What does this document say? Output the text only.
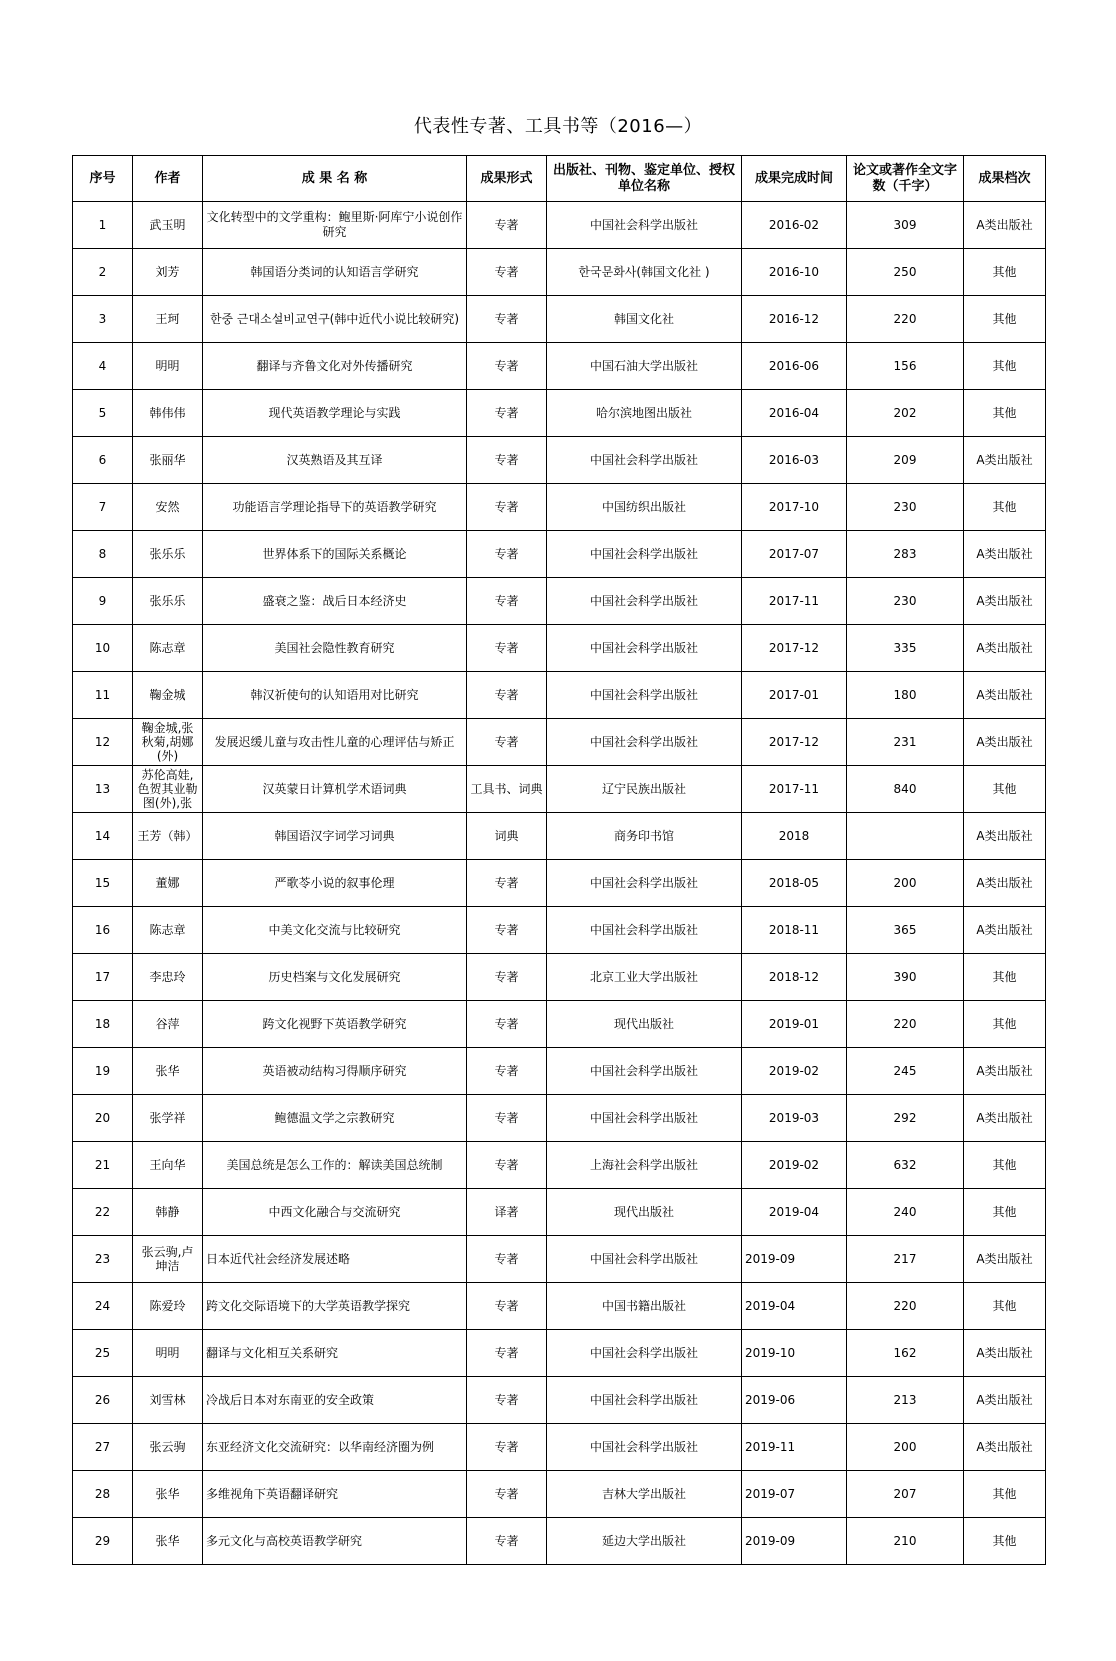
代表性专著、工具书等（2016—）
序号	作者	成 果 名 称	成果形式	出版社、刊物、鉴定单位、授权单位名称	成果完成时间	论文或著作全文字数（千字）	成果档次

1	武玉明	文化转型中的文学重构：鲍里斯·阿库宁小说创作研究	专著	中国社会科学出版社	2016-02	309	A类出版社

2	刘芳	韩国语分类词的认知语言学研究	专著	한국문화사(韩国文化社 )	2016-10	250	其他

3	王珂	한중 근대소설비교연구(韩中近代小说比较研究)	专著	韩国文化社	2016-12	220	其他

4	明明	翻译与齐鲁文化对外传播研究	专著	中国石油大学出版社	2016-06	156	其他

5	韩伟伟	现代英语教学理论与实践	专著	哈尔滨地图出版社	2016-04	202	其他

6	张丽华	汉英熟语及其互译	专著	中国社会科学出版社	2016-03	209	A类出版社

7	安然	功能语言学理论指导下的英语教学研究	专著	中国纺织出版社	2017-10	230	其他

8	张乐乐	世界体系下的国际关系概论	专著	中国社会科学出版社	2017-07	283	A类出版社

9	张乐乐	盛衰之鉴：战后日本经济史	专著	中国社会科学出版社	2017-11	230	A类出版社

10	陈志章	美国社会隐性教育研究	专著	中国社会科学出版社	2017-12	335	A类出版社

11	鞠金城	韩汉祈使句的认知语用对比研究	专著	中国社会科学出版社	2017-01	180	A类出版社

12	鞠金城,张秋菊,胡娜(外)	发展迟缓儿童与攻击性儿童的心理评估与矫正	专著	中国社会科学出版社	2017-12	231	A类出版社

13	苏伦高娃,色贺其业勒图(外),张	汉英蒙日计算机学术语词典	工具书、词典	辽宁民族出版社	2017-11	840	其他

14	王芳（韩）	韩国语汉字词学习词典	词典	商务印书馆	2018		A类出版社

15	董娜	严歌苓小说的叙事伦理	专著	中国社会科学出版社	2018-05	200	A类出版社

16	陈志章	中美文化交流与比较研究	专著	中国社会科学出版社	2018-11	365	A类出版社

17	李忠玲	历史档案与文化发展研究	专著	北京工业大学出版社	2018-12	390	其他

18	谷萍	跨文化视野下英语教学研究	专著	现代出版社	2019-01	220	其他

19	张华	英语被动结构习得顺序研究	专著	中国社会科学出版社	2019-02	245	A类出版社

20	张学祥	鲍德温文学之宗教研究	专著	中国社会科学出版社	2019-03	292	A类出版社

21	王向华	美国总统是怎么工作的：解读美国总统制	专著	上海社会科学出版社	2019-02	632	其他

22	韩静	中西文化融合与交流研究	译著	现代出版社	2019-04	240	其他

23	张云驹,卢坤洁	日本近代社会经济发展述略	专著	中国社会科学出版社	2019-09	217	A类出版社

24	陈爱玲	跨文化交际语境下的大学英语教学探究	专著	中国书籍出版社	2019-04	220	其他

25	明明	翻译与文化相互关系研究	专著	中国社会科学出版社	2019-10	162	A类出版社

26	刘雪林	冷战后日本对东南亚的安全政策	专著	中国社会科学出版社	2019-06	213	A类出版社

27	张云驹	东亚经济文化交流研究：以华南经济圈为例	专著	中国社会科学出版社	2019-11	200	A类出版社

28	张华	多维视角下英语翻译研究	专著	吉林大学出版社	2019-07	207	其他

29	张华	多元文化与高校英语教学研究	专著	延边大学出版社	2019-09	210	其他
